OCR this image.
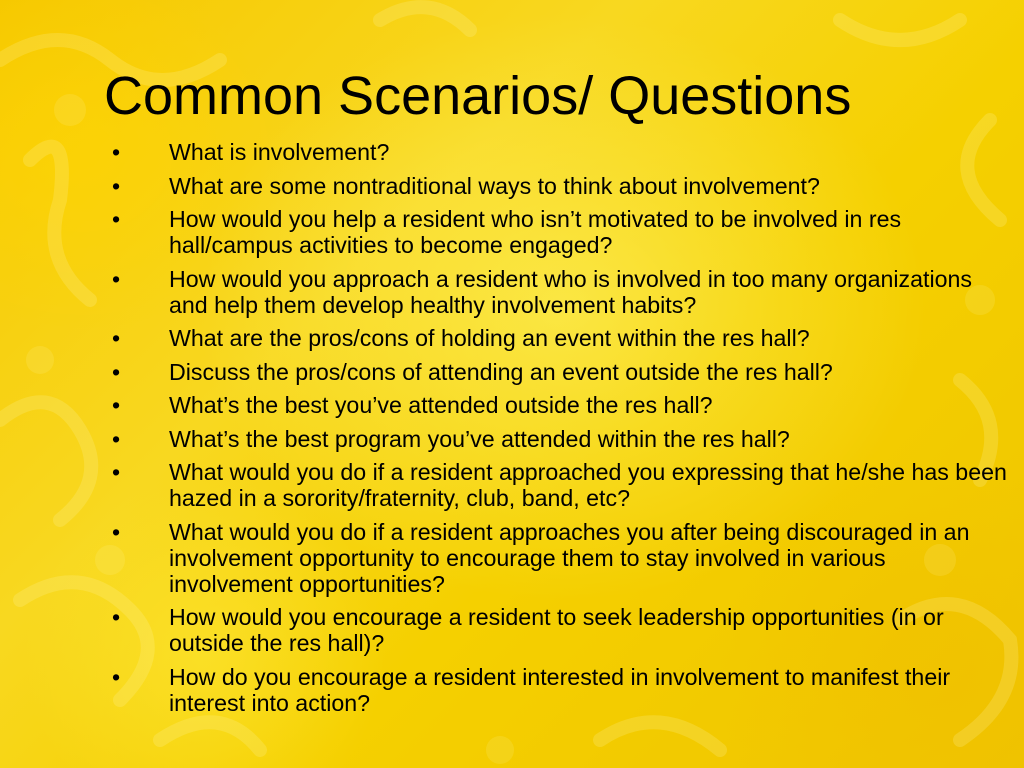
Common Scenarios/ Questions
•	What is involvement?
•	What are some nontraditional ways to think about involvement?
•	How would you help a resident who isn’t motivated to be involved in res hall/campus activities to become engaged?
•	How would you approach a resident who is involved in too many organizations and help them develop healthy involvement habits?
•	What are the pros/cons of holding an event within the res hall?
•	Discuss the pros/cons of attending an event outside the res hall?
•	What’s the best you’ve attended outside the res hall?
•	What’s the best program you’ve attended within the res hall?
•	What would you do if a resident approached you expressing that he/she has been hazed in a sorority/fraternity, club, band, etc?
•	What would you do if a resident approaches you after being discouraged in an involvement opportunity to encourage them to stay involved in various involvement opportunities?
•	How would you encourage a resident to seek leadership opportunities (in or outside the res hall)?
•	How do you encourage a resident interested in involvement to manifest their interest into action?
